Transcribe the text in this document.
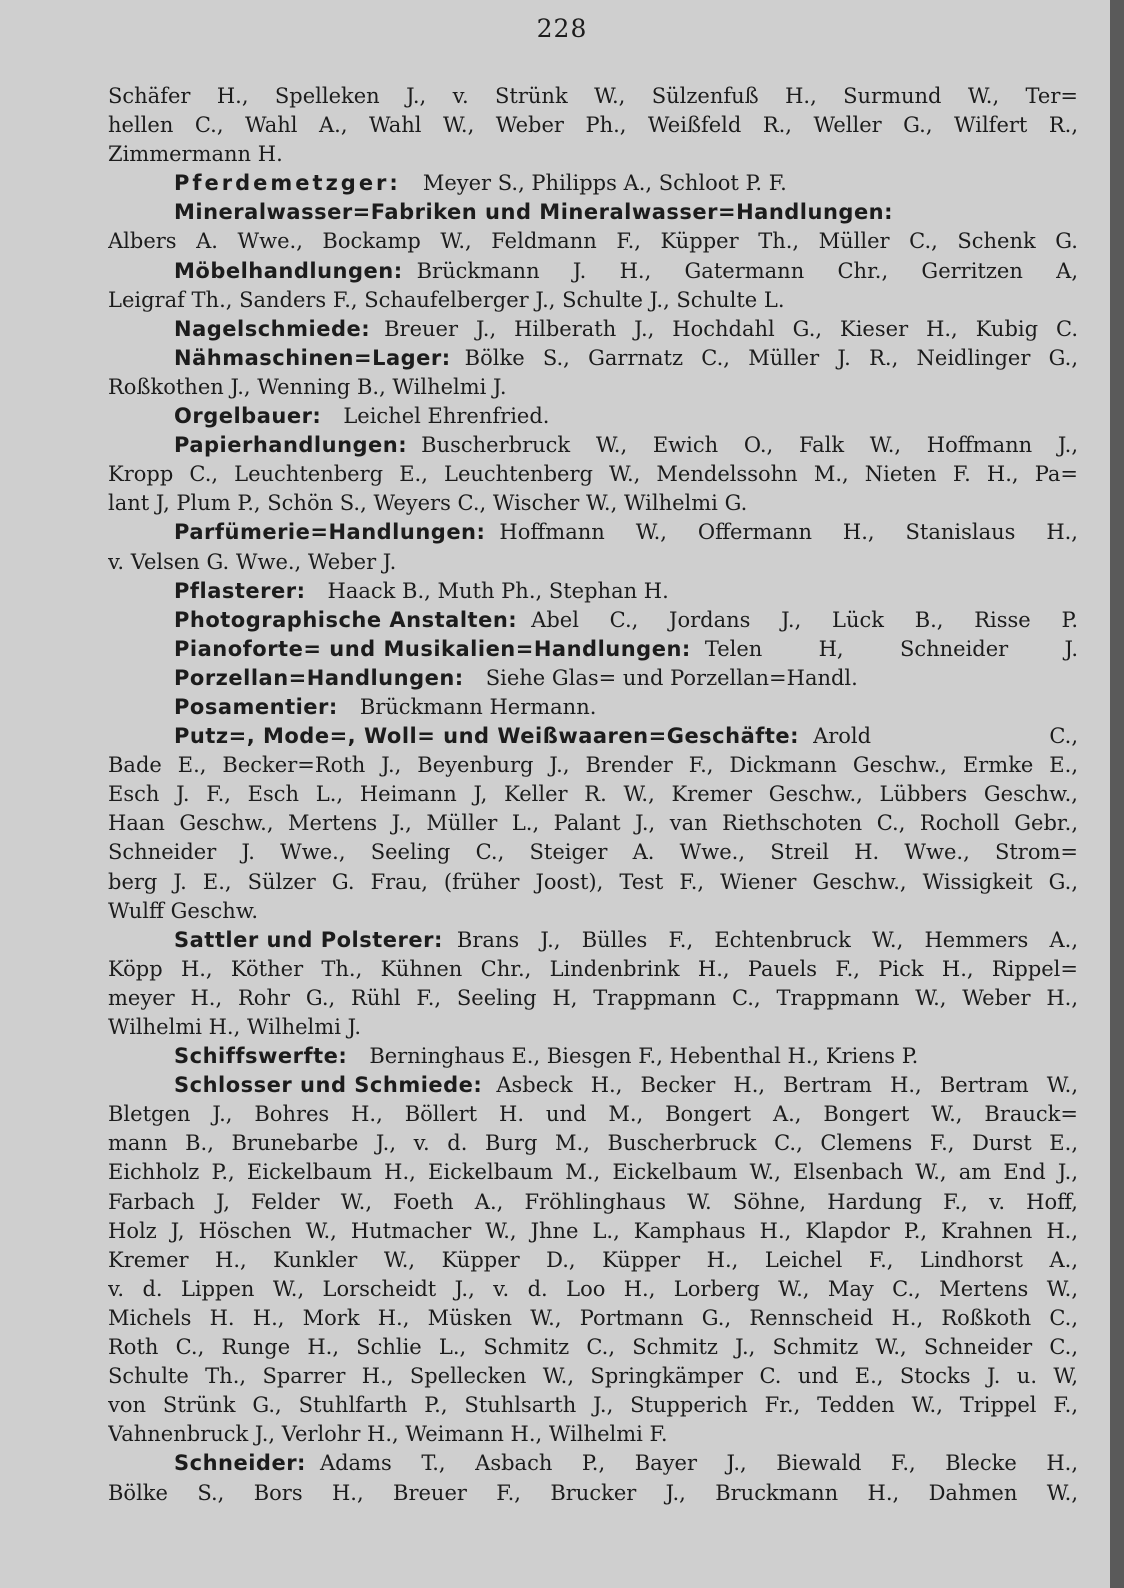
228
Schäfer H., Spelleken J., v. Strünk W., Sülzenfuß H., Surmund W., Ter=
hellen C., Wahl A., Wahl W., Weber Ph., Weißfeld R., Weller G., Wilfert R.,
Zimmermann H.
Pferdemetzger: Meyer S., Philipps A., Schloot P. F.
Mineralwasser=Fabriken und Mineralwasser=Handlungen:
Albers A. Wwe., Bockamp W., Feldmann F., Küpper Th., Müller C., Schenk G.
Möbelhandlungen: Brückmann J. H., Gatermann Chr., Gerritzen A,
Leigraf Th., Sanders F., Schaufelberger J., Schulte J., Schulte L.
Nagelschmiede: Breuer J., Hilberath J., Hochdahl G., Kieser H., Kubig C.
Nähmaschinen=Lager: Bölke S., Garrnatz C., Müller J. R., Neidlinger G.,
Roßkothen J., Wenning B., Wilhelmi J.
Orgelbauer: Leichel Ehrenfried.
Papierhandlungen: Buscherbruck W., Ewich O., Falk W., Hoffmann J.,
Kropp C., Leuchtenberg E., Leuchtenberg W., Mendelssohn M., Nieten F. H., Pa=
lant J, Plum P., Schön S., Weyers C., Wischer W., Wilhelmi G.
Parfümerie=Handlungen: Hoffmann W., Offermann H., Stanislaus H.,
v. Velsen G. Wwe., Weber J.
Pflasterer: Haack B., Muth Ph., Stephan H.
Photographische Anstalten: Abel C., Jordans J., Lück B., Risse P.
Pianoforte= und Musikalien=Handlungen: Telen H, Schneider J.
Porzellan=Handlungen: Siehe Glas= und Porzellan=Handl.
Posamentier: Brückmann Hermann.
Putz=, Mode=, Woll= und Weißwaaren=Geschäfte: Arold C.,
Bade E., Becker=Roth J., Beyenburg J., Brender F., Dickmann Geschw., Ermke E.,
Esch J. F., Esch L., Heimann J, Keller R. W., Kremer Geschw., Lübbers Geschw.,
Haan Geschw., Mertens J., Müller L., Palant J., van Riethschoten C., Rocholl Gebr.,
Schneider J. Wwe., Seeling C., Steiger A. Wwe., Streil H. Wwe., Strom=
berg J. E., Sülzer G. Frau, (früher Joost), Test F., Wiener Geschw., Wissigkeit G.,
Wulff Geschw.
Sattler und Polsterer: Brans J., Bülles F., Echtenbruck W., Hemmers A.,
Köpp H., Köther Th., Kühnen Chr., Lindenbrink H., Pauels F., Pick H., Rippel=
meyer H., Rohr G., Rühl F., Seeling H, Trappmann C., Trappmann W., Weber H.,
Wilhelmi H., Wilhelmi J.
Schiffswerfte: Berninghaus E., Biesgen F., Hebenthal H., Kriens P.
Schlosser und Schmiede: Asbeck H., Becker H., Bertram H., Bertram W.,
Bletgen J., Bohres H., Böllert H. und M., Bongert A., Bongert W., Brauck=
mann B., Brunebarbe J., v. d. Burg M., Buscherbruck C., Clemens F., Durst E.,
Eichholz P., Eickelbaum H., Eickelbaum M., Eickelbaum W., Elsenbach W., am End J.,
Farbach J, Felder W., Foeth A., Fröhlinghaus W. Söhne, Hardung F., v. Hoff,
Holz J, Höschen W., Hutmacher W., Jhne L., Kamphaus H., Klapdor P., Krahnen H.,
Kremer H., Kunkler W., Küpper D., Küpper H., Leichel F., Lindhorst A.,
v. d. Lippen W., Lorscheidt J., v. d. Loo H., Lorberg W., May C., Mertens W.,
Michels H. H., Mork H., Müsken W., Portmann G., Rennscheid H., Roßkoth C.,
Roth C., Runge H., Schlie L., Schmitz C., Schmitz J., Schmitz W., Schneider C.,
Schulte Th., Sparrer H., Spellecken W., Springkämper C. und E., Stocks J. u. W,
von Strünk G., Stuhlfarth P., Stuhlsarth J., Stupperich Fr., Tedden W., Trippel F.,
Vahnenbruck J., Verlohr H., Weimann H., Wilhelmi F.
Schneider: Adams T., Asbach P., Bayer J., Biewald F., Blecke H.,
Bölke S., Bors H., Breuer F., Brucker J., Bruckmann H., Dahmen W.,
